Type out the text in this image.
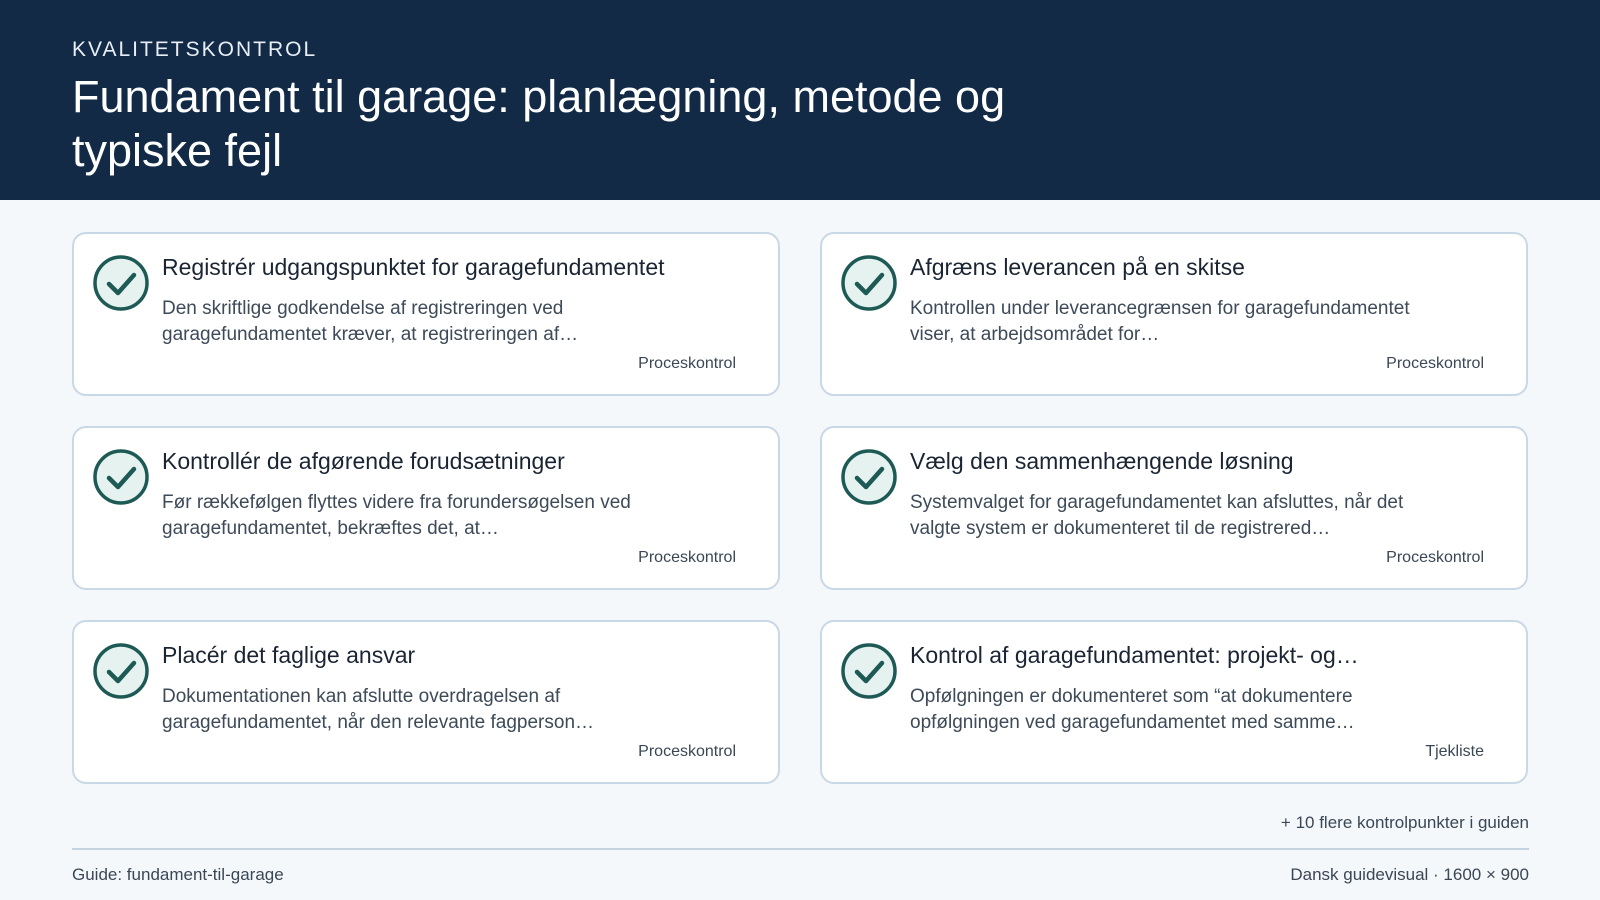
KVALITETSKONTROL
Fundament til garage: planlægning, metode og typiske fejl
Registrér udgangspunktet for garagefundamentet
Den skriftlige godkendelse af registreringen ved garagefundamentet kræver, at registreringen af…
Proceskontrol
Afgræns leverancen på en skitse
Kontrollen under leverancegrænsen for garagefundamentet viser, at arbejdsområdet for…
Proceskontrol
Kontrollér de afgørende forudsætninger
Før rækkefølgen flyttes videre fra forundersøgelsen ved garagefundamentet, bekræftes det, at…
Proceskontrol
Vælg den sammenhængende løsning
Systemvalget for garagefundamentet kan afsluttes, når det valgte system er dokumenteret til de registrered…
Proceskontrol
Placér det faglige ansvar
Dokumentationen kan afslutte overdragelsen af garagefundamentet, når den relevante fagperson…
Proceskontrol
Kontrol af garagefundamentet: projekt- og…
Opfølgningen er dokumenteret som “at dokumentere opfølgningen ved garagefundamentet med samme…
Tjekliste
+ 10 flere kontrolpunkter i guiden
Guide: fundament-til-garage	Dansk guidevisual · 1600 × 900
